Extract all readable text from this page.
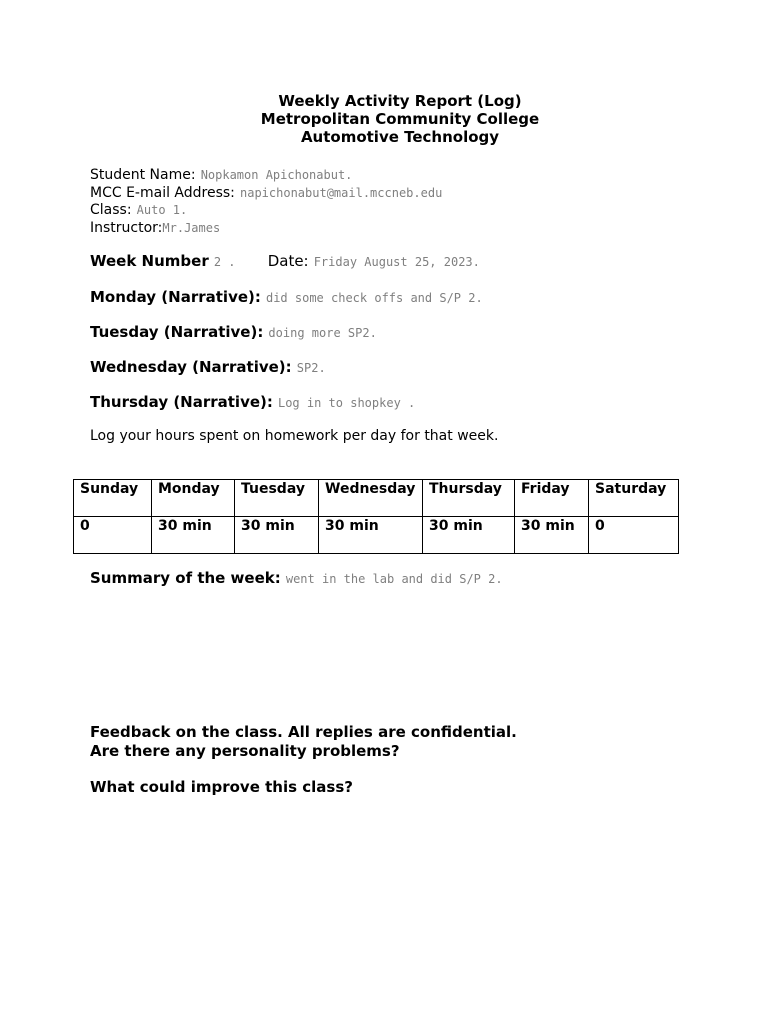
Weekly Activity Report (Log)

Metropolitan Community College

Automotive Technology

Student Name: Nopkamon Apichonabut.
MCC E-mail Address: napichonabut@mail.mccneb.edu
Class: Auto 1.
Instructor:Mr.James
Week Number 2 . Date: Friday August 25, 2023.
Monday (Narrative): did some check offs and S/P 2.
Tuesday (Narrative): doing more SP2.
Wednesday (Narrative): SP2.
Thursday (Narrative): Log in to shopkey .
Log your hours spent on homework per day for that week.
Sunday	Monday	Tuesday	Wednesday	Thursday	Friday	Saturday
0	30 min	30 min	30 min	30 min	30 min	0
Summary of the week: went in the lab and did S/P 2.
Feedback on the class. All replies are confidential.
Are there any personality problems?
What could improve this class?
